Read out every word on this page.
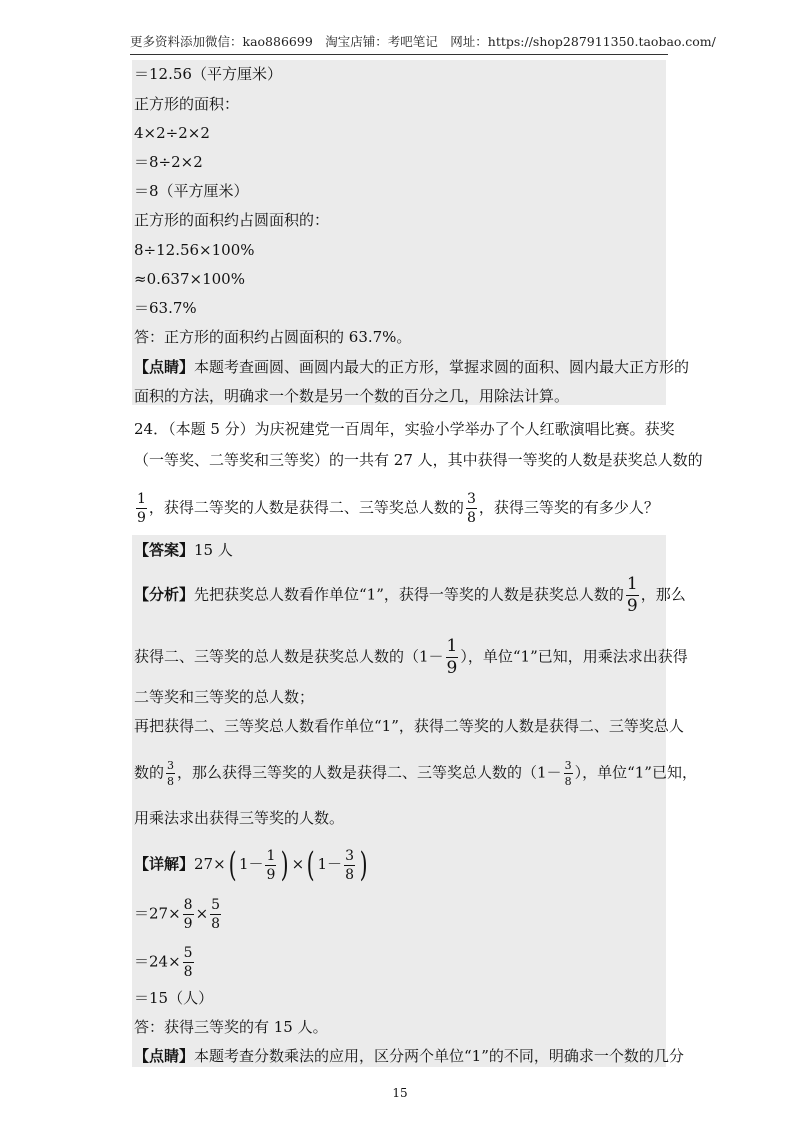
更多资料添加微信：kao886699　淘宝店铺：考吧笔记　网址：https://shop287911350.taobao.com/
＝12.56（平方厘米）
正方形的面积：
4×2÷2×2
＝8÷2×2
＝8（平方厘米）
正方形的面积约占圆面积的：
8÷12.56×100%
≈0.637×100%
＝63.7%
答：正方形的面积约占圆面积的 63.7%。
【点睛】本题考查画圆、画圆内最大的正方形，掌握求圆的面积、圆内最大正方形的
面积的方法，明确求一个数是另一个数的百分之几，用除法计算。
24．（本题 5 分）为庆祝建党一百周年，实验小学举办了个人红歌演唱比赛。获奖
（一等奖、二等奖和三等奖）的一共有 27 人，其中获得一等奖的人数是获奖总人数的
$\frac{1}{9}$ ，获得二等奖的人数是获得二、三等奖总人数的 $\frac{3}{8}$ ，获得三等奖的有多少人？
【答案】15 人
【分析】先把获奖总人数看作单位“1”，获得一等奖的人数是获奖总人数的 $\frac{1}{9}$ ，那么
获得二、三等奖的总人数是获奖总人数的（$1- \frac{1}{9}$ ），单位“1”已知，用乘法求出获得
二等奖和三等奖的总人数；
再把获得二、三等奖总人数看作单位“1”，获得二等奖的人数是获得二、三等奖总人
数的 $\frac{3}{8}$ ，那么获得三等奖的人数是获得二、三等奖总人数的（$1- \frac{3}{8}$ ），单位“1”已知，
用乘法求出获得三等奖的人数。
【详解】27×( $1- \frac{1}{9}$ ) ×( $1- \frac{3}{8}$ )
$=27\times \frac{8}{9} \times \frac{5}{8}$
$=24\times \frac{5}{8}$
＝15（人）
答：获得三等奖的有 15 人。
【点睛】本题考查分数乘法的应用，区分两个单位“1”的不同，明确求一个数的几分
15
